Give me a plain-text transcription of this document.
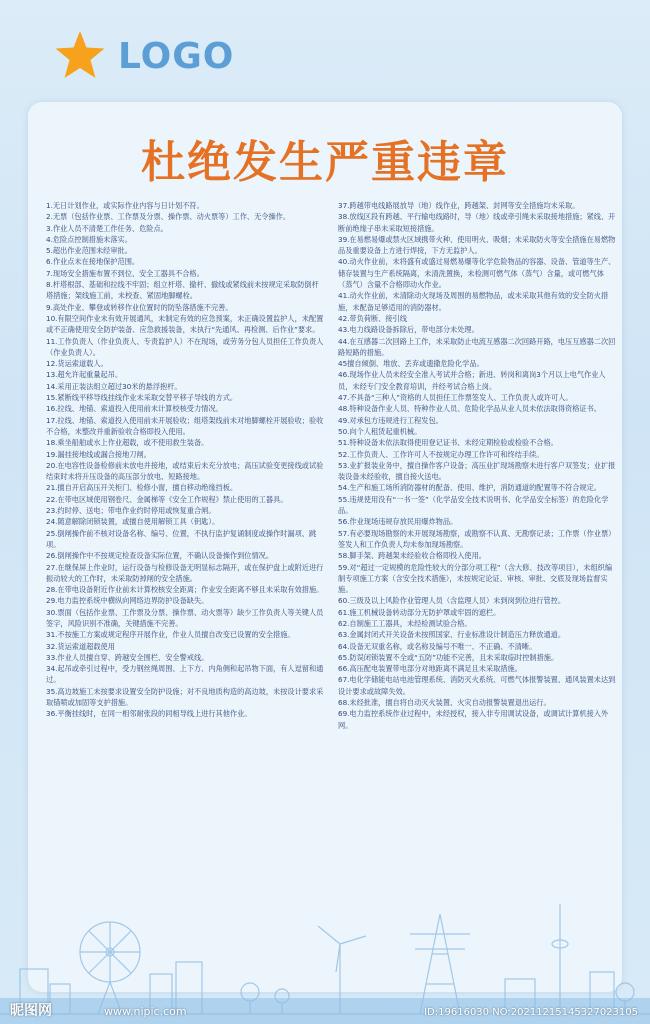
LOGO
杜绝发生严重违章

1.无日计划作业，或实际作业内容与日计划不符。

2.无票（包括作业票、工作票及分票、操作票、动火票等）工作、无令操作。

3.作业人员不清楚工作任务、危险点。

4.危险点控制措施未落实。

5.超出作业范围未经审批。

6.作业点未在接地保护范围。

7.现场安全措施布置不到位、安全工器具不合格。

8.杆塔根部、基础和拉线不牢固；组立杆塔、撤杆、撤线或紧线前未按规定采取防倒杆塔措施；架线施工前，未校查、紧固地脚螺栓。

9.高处作业、攀登或转移作业位置时的防坠落措施不完善。

10.有限空间作业未有效开展通风，未制定有效的应急预案，未正确设置监护人，未配置或不正确使用安全防护装备、应急救援装备，未执行“先通风、再检测、后作业”要求。

11.工作负责人（作业负责人、专责监护人）不在现场，或劳务分包人员担任工作负责人（作业负责人）。

12.货运索道载人。

13.超允许起重量起吊。

14.采用正装法组立超过30米的悬浮抱杆。

15.紧断线平移导线挂线作业未采取交替平移子导线的方式。

16.拉线、地锚、索道投入使用前未计算校核受力情况。

17.拉线、地锚、索道投入使用前未开展验收；组塔架线前未对地脚螺栓开展验收；验收不合格，未整改并重新验收合格即投入使用。

18.乘坐船舶或水上作业超载，或不使用救生装备。

19.漏挂接地线或漏合接地刀闸。

20.在电容性设备检修前未放电并接地，或结束后未充分放电；高压试验变更接线或试验结束时未将升压设备的高压部分放电、短路接地。

21.擅自开启高压开关柜门、检修小窗，擅自移动绝缘挡板。

22.在带电区域使用钢卷尺、金属梯等《安全工作规程》禁止使用的工器具。

23.约时停、送电；带电作业约时停用或恢复重合闸。

24.随意解除闭锁装置，或擅自使用解锁工具（钥匙）。

25.倒闸操作前不核对设备名称、编号、位置，不执行监护复诵制度或操作时漏项、跳项。

26.倒闸操作中不按规定检查设备实际位置，不确认设备操作到位情况。

27.在继保屏上作业时，运行设备与检修设备无明显标志隔开，或在保护盘上或附近进行振动较大的工作时，未采取防掉闸的安全措施。

28.在带电设备附近作业前未计算校核安全距离；作业安全距离不够且未采取有效措施。

29.电力监控系统中横纵向网络边界防护设备缺失。

30.票面（包括作业票、工作票及分票、操作票、动火票等）缺少工作负责人等关键人员签字，风险识别不准确，关键措施不完善。

31.不按施工方案或规定程序开展作业，作业人员擅自改变已设置的安全措施。

32.货运索道超载使用

33.作业人员擅自穿、跨越安全围栏、安全警戒线。

34.起吊或牵引过程中，受力钢丝绳周围、上下方、内角侧和起吊物下面，有人逗留和通过。

35.高边坡施工未按要求设置安全防护设施；对不良地质构造的高边坡，未按设计要求采取锚喷或加固等支护措施。

36.平衡挂线时，在同一相邻耐张段的同相导线上进行其他作业。

37.跨越带电线路展放导（地）线作业，跨越架、封网等安全措施均未采取。

38.放线区段有跨越、平行输电线路时，导（地）线或牵引绳未采取接地措施；紧线、开断前绝缘子串未采取短接措施。

39.在易燃易爆或禁火区域携带火种、使用明火、吸烟；未采取防火等安全措施在易燃物品及重要设备上方进行焊接，下方无监护人。

40.动火作业前，未将盛有或盛过易燃易爆等化学危险物品的容器、设备、管道等生产、储存装置与生产系统隔离，未清洗置换，未检测可燃气体（蒸气）含量，或可燃气体（蒸气）含量不合格即动火作业。

41.动火作业前，未清除动火现场及周围的易燃物品，或未采取其他有效的安全防火措施，未配备足够适用的消防器材。

42.带负荷断、接引线

43.电力线路设备拆除后，带电部分未处理。

44.在互感器二次回路上工作，未采取防止电流互感器二次回路开路，电压互感器二次回路短路的措施。

45擅自倾倒、堆放、丢弃或遗撒危险化学品。

46.现场作业人员未经安全准入考试并合格；新进、转岗和离岗3个月以上电气作业人员，未经专门安全教育培训，并经考试合格上岗。

47.不具备“三种人”资格的人员担任工作票签发人、工作负责人或许可人。

48.特种设备作业人员、特种作业人员、危险化学品从业人员未依法取得资格证书。

49.对承包方违规进行工程发包。

50.向个人租赁起重机械。

51.特种设备未依法取得使用登记证书、未经定期检验或检验不合格。

52.工作负责人、工作许可人不按规定办理工作许可和终结手续。

53.业扩报装业务中，擅自操作客户设备；高压业扩现场勘察未进行客户双签发；业扩报装设备未经验收，擅自接火送电。

54.生产和施工场所消防器材的配备、使用、维护，消防通道的配置等不符合规定。

55.违规使用没有“一书一签”（化学品安全技术说明书、化学品安全标签）的危险化学品。

56.作业现场违规存放民用爆炸物品。

57.有必要现场勘察的未开展现场勘察，或勘察不认真、无勘察记录；工作票（作业票）签发人和工作负责人均未参加现场勘察。

58.脚手架、跨越架未经验收合格即投入使用。

59.对“超过一定规模的危险性较大的分部分项工程”（含大修、技改等项目），未组织编制专项施工方案（含安全技术措施），未按规定论证、审核、审批、交底及现场监督实施。

60.三级及以上风险作业管理人员（含监理人员）未到岗到位进行管控。

61.施工机械设备转动部分无防护罩或牢固的遮栏。

62.自制施工工器具，未经检测试验合格。

63.金属封闭式开关设备未按照国家、行业标准设计制造压力释放通道。

64.设备无双重名称，或名称及编号不唯一、不正确、不清晰。

65.防误闭锁装置不全或“五防”功能不完善，且未采取临时控制措施。

66.高压配电装置带电部分对地距离不满足且未采取措施。

67.电化学储能电站电池管理系统、消防灭火系统、可燃气体报警装置、通风装置未达到设计要求或故障失效。

68.未经批准，擅自将自动灭火装置、火灾自动报警装置退出运行。

69.电力监控系统作业过程中，未经授权，接入非专用调试设备，或调试计算机接入外网。

昵图网	www.nipic.com	ID:19616030 NO:20211215145327023105
